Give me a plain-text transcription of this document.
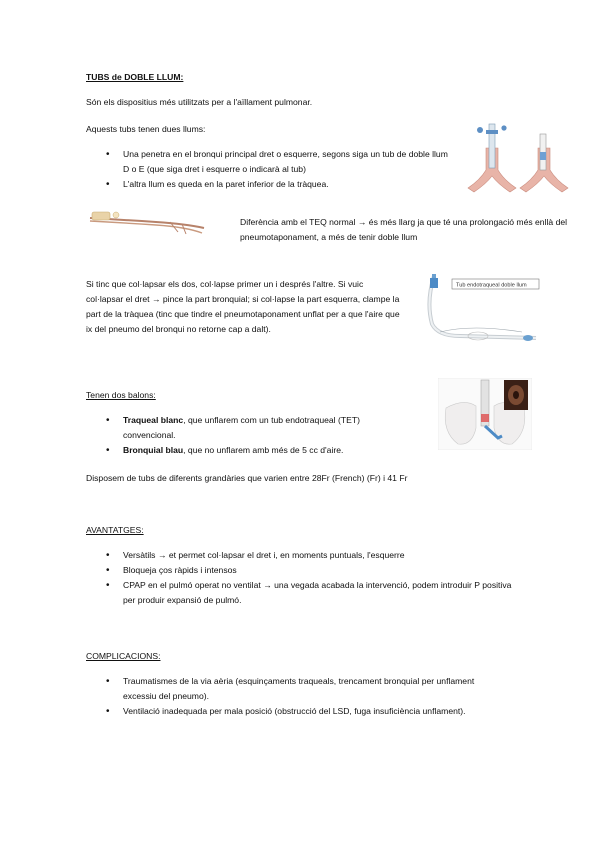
TUBS de DOBLE LLUM:
Són els dispositius més utilitzats per a l'aïllament pulmonar.
Aquests tubs tenen dues llums:
• Una penetra en el bronqui principal dret o esquerre, segons siga un tub de doble llum D o E (que siga dret i esquerre o indicarà al tub)
• L'altra llum es queda en la paret inferior de la tràquea.
Diferència amb el TEQ normal → és més llarg ja que té una prolongació més enllà del pneumotaponament, a més de tenir doble llum
Si tinc que col·lapsar els dos, col·lapse primer un i després l'altre. Si vuic col·lapsar el dret → pince la part bronquial; si col·lapse la part esquerra, clampe la part de la tràquea (tinc que tindre el pneumotaponament unflat per a que l'aire que ix del pneumo del bronqui no retorne cap a dalt).
Tub endotraqueal doble llum
Tenen dos balons:
• Traqueal blanc, que unflarem com un tub endotraqueal (TET) convencional.
• Bronquial blau, que no unflarem amb més de 5 cc d'aire.
Disposem de tubs de diferents grandàries que varien entre 28Fr (French) (Fr) i 41 Fr
AVANTATGES:
• Versàtils → et permet col·lapsar el dret i, en moments puntuals, l'esquerre
• Bloqueja ços ràpids i intensos
• CPAP en el pulmó operat no ventilat → una vegada acabada la intervenció, podem introduir P positiva per produir expansió de pulmó.
COMPLICACIONS:
• Traumatismes de la via aèria (esquinçaments traqueals, trencament bronquial per unflament excessiu del pneumo).
• Ventilació inadequada per mala posició (obstrucció del LSD, fuga insuficiència unflament).
